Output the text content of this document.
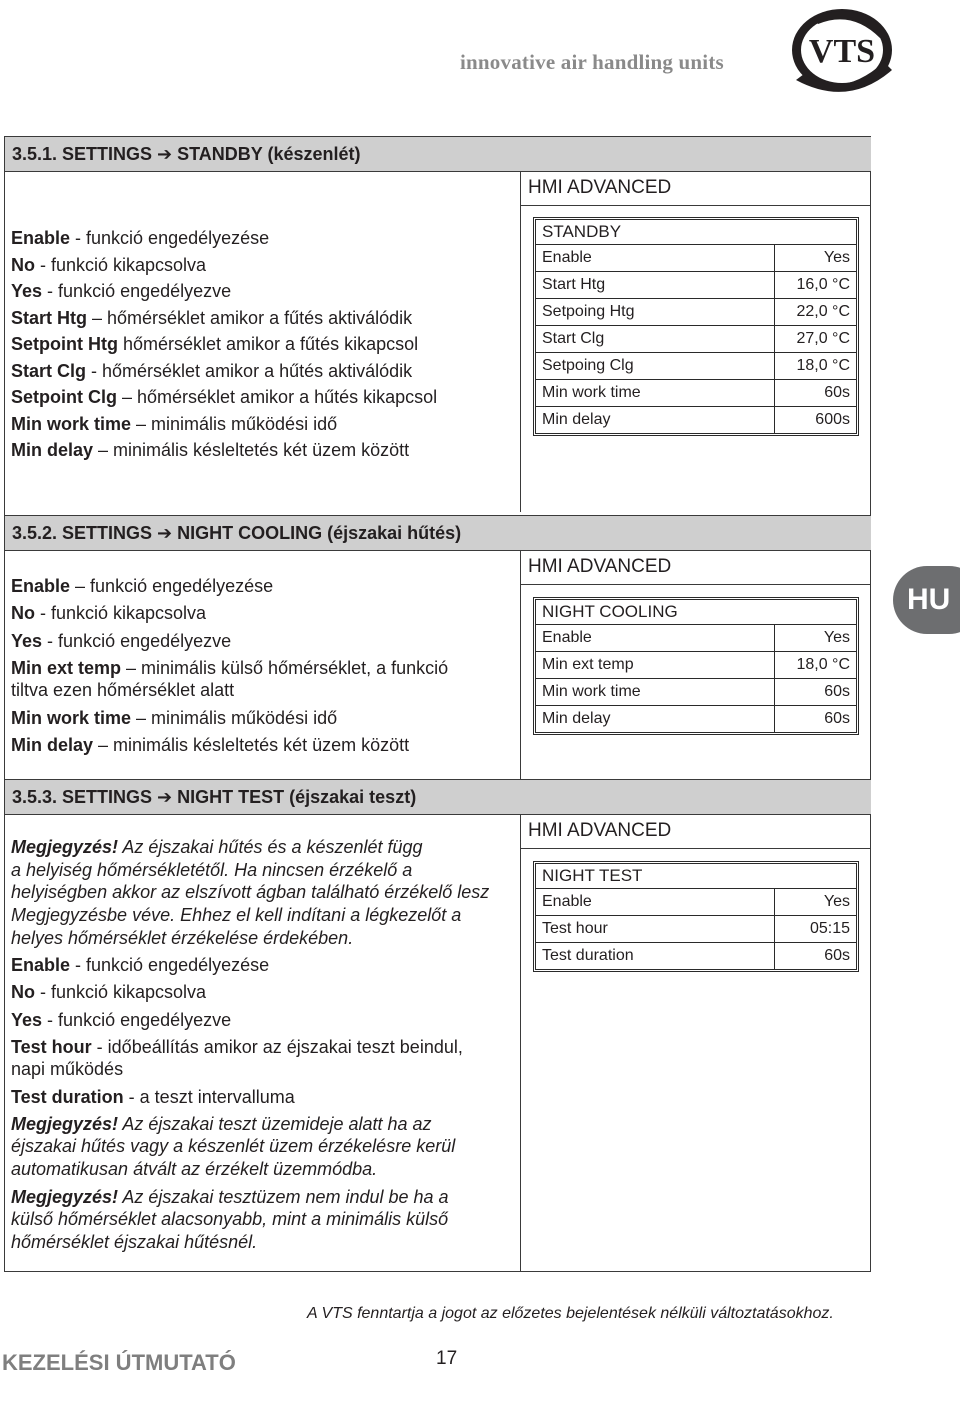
innovative air handling units	VTS
3.5.1. SETTINGS ➔ STANDBY (készenlét)
HMI ADVANCED
Enable - funkció engedélyezése
No - funkció kikapcsolva
Yes - funkció engedélyezve
Start Htg – hőmérséklet amikor a fűtés aktiválódik
Setpoint Htg hőmérséklet amikor a fűtés kikapcsol
Start Clg - hőmérséklet amikor a hűtés aktiválódik
Setpoint Clg – hőmérséklet amikor a hűtés kikapcsol
Min work time – minimális működési idő
Min delay – minimális késleltetés két üzem között
STANDBY
Enable	Yes
Start Htg	16,0 °C
Setpoing Htg	22,0 °C
Start Clg	27,0 °C
Setpoing Clg	18,0 °C
Min work time	60s
Min delay	600s
3.5.2. SETTINGS ➔ NIGHT COOLING (éjszakai hűtés)
HMI ADVANCED
Enable – funkció engedélyezése
No - funkció kikapcsolva
Yes - funkció engedélyezve
Min ext temp – minimális külső hőmérséklet, a funkció
tiltva ezen hőmérséklet alatt
Min work time – minimális működési idő
Min delay – minimális késleltetés két üzem között
NIGHT COOLING
Enable	Yes
Min ext temp	18,0 °C
Min work time	60s
Min delay	60s
3.5.3. SETTINGS ➔ NIGHT TEST (éjszakai teszt)
HMI ADVANCED
Megjegyzés! Az éjszakai hűtés és a készenlét függ
a helyiség hőmérsékletétől. Ha nincsen érzékelő a
helyiségben akkor az elszívott ágban található érzékelő lesz
Megjegyzésbe véve. Ehhez el kell indítani a légkezelőt a
helyes hőmérséklet érzékelése érdekében.
Enable - funkció engedélyezése
No - funkció kikapcsolva
Yes - funkció engedélyezve
Test hour - időbeállítás amikor az éjszakai teszt beindul,
napi működés
Test duration - a teszt intervalluma
Megjegyzés! Az éjszakai teszt üzemideje alatt ha az
éjszakai hűtés vagy a készenlét üzem érzékelésre kerül
automatikusan átvált az érzékelt üzemmódba.
Megjegyzés! Az éjszakai tesztüzem nem indul be ha a
külső hőmérséklet alacsonyabb, mint a minimális külső
hőmérséklet éjszakai hűtésnél.
NIGHT TEST
Enable	Yes
Test hour	05:15
Test duration	60s
HU
A VTS fenntartja a jogot az előzetes bejelentések nélküli változtatásokhoz.
KEZELÉSI ÚTMUTATÓ	17
